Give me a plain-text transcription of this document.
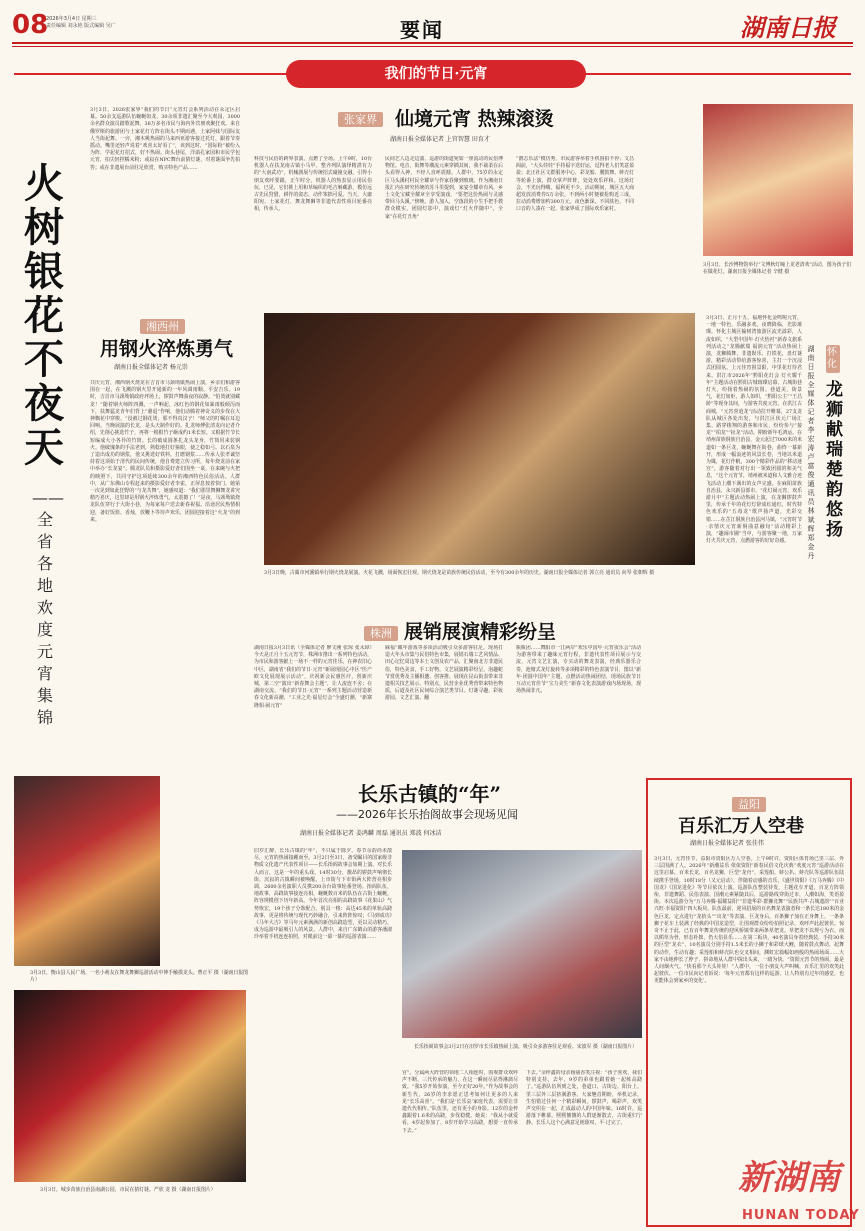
08
2026年3月4日 星期三
责任编辑 刘永艳 版式编辑 吴广	要闻	湖南日报
我们的节日·元宵
火树银花不夜天
——全省各地欢度元宵集锦
3月3日，2026张家界“我们的节日”元宵灯会系列活动在永定区启幕。50余支巡游队伍蜿蜒如龙，30余项非遗汇聚至今大观园，3000余名群众演员踏歌起舞，38万多名市民与海内外宾朋欢聚狂欢。来自俄罗斯的旅游团与土家花灯方阵在街头不期而遇，土家阿妹与国际友人当街起舞。一旁，湘木桃热闹的马来西亚游客接过托灯，跟着节奏摇动。嘴里还轻声说着“欢喜太好看了”，该到这时，“国际粉”被纷入为阵，学起花灯招式，好不热闹。街头巷尾，洋溢孔家园和市民学包元宵，拍尖轻捏糯米粉；或寂在NPC舞台前猜灯谜，对着谜面争先拍答；或在非遗展台前驻足欣赏，购买特色产品……
湘西州
用钢火淬炼勇气
湖南日报全媒体记者 杨元崇
共庆元宵，湘西钢火烧龙在吉首市马颈坳镇热闹上演，乡亲们和游客围在一起，在飞溅的钢火里开通新的一年风调雨顺、平安吉乐。19时，吉首市马颈坳镇政府坪场上，锣鼓声舞曲夜的寂静。“怕烫就别藏龙！”随着钢火师阵四溅，一声响起，冰红色的钢花如暴雨般倾泻而下，扶舞猛龙青年们背上“避退”作响，他们动腾着神奇义的步伐在大神飘花中穿梭。“没被过钢花烫，那不得真汉子！”师父的叮嘱在耳边回响。当晚展演的长龙，是头天制作好的。扎龙师傅张清龙向记者介绍，先削心挑选竹子，再将一根根竹子砸成约1米长短。又根据竹节长短编成大小各异的竹筒。长的破成圆条扎龙头龙身，竹筒用来装钢火。他破瑰条的手法老到，熟稔地打好箍眼，使之稳如弓。以石泉为了造出成功的钢浆，他又挑选好铁料，打磨钢浆……传承人张孝诚坚持着这项始于清代的民间传统，他自费建立传习所，每年烧龙前在家中举办“长龙宴”。腾龙队员和摄影爱好者们围坐一桌，在来碗与火把的映照下，共同守护这项延续300余年的湘西特色民俗活动。人群中，从广东佛山专程赶来的摄影爱好者李雀，正屏息按着快门。她第一次见到如此狂野的“与龙共舞”，她感叹道：“我们那里舞狮舞龙讲究精巧喜庆，这里却是用钢火淬炼勇气，太震撼了！”是夜，马颈坳镇烧龙队伍穿行于大街小巷，为每家每户送去新春祝福。沿途居民热情相迎，备好饭篮、香烛，放鞭卜等待声欢乐，团圆迎接着这“火龙”的到来。
3月3日，衡山县人民广场，一名小萌友在舞龙舞狮巡游活动中伸手触摸龙头。曹正平 摄（湖南日报图片）
3月3日，城步苗族自治县南湖公园，市民在猜灯谜。严欣 龙 摄（湖南日报图片）
张家界 仙境元宵 热辣滚烫
湖南日报全媒体记者 上官智慧 田育才
科技与民俗的跨界表演，点燃了全场。上午9时，10台机器人在扶龙南古镇小马甲，整齐列队演绎精湛有力的“大南武功”，机械剧展与传统招式碰撞交融，引得小朋友欢呼要跟，正午时分，机器人的热表显示用民俗玩，巳见，它们挑上用和草编织的毛吉斛藏游，模仿远古先民狩猎，耕作的姿态，动作笨拙可爱。当天，大庸阳宛，土家花灯，舞龙舞狮等非遗代表性项目轮番亮相，传承人，
民间艺人边走边演，巡游的街道宛如一座流动的民俗博物馆。电音，街舞等潮流元素穿插其间，我不裁柔在后头看得入神，不经人直呼震撼。人群中，75岁的永定区马头溪村村民全耀章与作家春聚到玻璃。作为湘南日报汇内在研究传统的苏斗里提到，家宴全耀章有风，乡土文化宝藏全耀章全享受演戏，“要把这份热闹与灵感带回马头溪。”傍晚，游人加入，空落段的小生手把手教群众模实，团圆灯影中，演戏灯“灯火伴随中”，全家“在花灯丑角”
“鹊志乐法”模仿秀，市民游客举着手机围拍不停；文昌阁前，“大头娃娃”手持福字送好运，逗得老人们笑意盈盈；北正社区文群服务中心，彩龙船、腰鼓舞、蚌壳灯等轮番上演，群众掌声阵阵，处处欢乐祥和。这场灯会，不光玩得嗨，福利更不少。活动期间，城区五大商超发放消费券5万余张，不到两小时便被抢购近三成，拉动消费增加约300万元。夜色渐深，不同肤色，不同口音的人凑在一起，张家界成了国际欢乐家村。
3月3日，长沙博物馆举行“文博秋灯瞳上龙老清欢”活动，图为孩子们在做花灯。湖南日报全媒体记者 辛健 摄
3月3日晚，古蔺市河溪镇举行钢火烧龙展演。火花飞溅，场面恢宏壮观。钢火烧龙是苗族传统民俗活动，至今有300余年的历史。湖南日报全媒体记者 郭立亮 通讯员 向琴 张朝辉 摄
怀化
龙狮献瑞 楚韵悠扬
湖南日报全媒体记者 李宏涛 卢富俊 通讯员 林斌辉 郑金丹
3月3日，正月十五，福地怀化金鸣呢元宵，一地一特色，乐融多欢。夜晓降临，光影璀璨。怀化主城区榆树湾旅游区流光溢彩，人流如织，“大型中国年·灯火怡衬”新春文旅系列活动之“龙腾献瑞 福润元宵”活动热闹上演，龙狮腾舞，非遗娱乐，打铁花，盘灯谜游，精彩活动带给游客惊喜，主打一个沉浸式团圆氛。上元佳宵围景阳，中里花灯待君来。洪江市2026年“黔阳花灯会 灯火耀千年”主题活动在黔阳古城璀璨启幕，古城街巷灯火，纷扬着热闹的氛围。巷道美，街景气，花灯如炬，游人如织，“黔阳公主”“王昌龄”等现身其间，与游客共度元宵。在洪江古商城，“元宵喜逍龙”活动拉开帷幕，27支龙队从城区各处出发，与洪江区状元广场汇集，路穿梭翔的游客和市民，纷纷参与“接龙”“拍龙”“扯龙”活动。期盼新年毛鸿运。在靖州苗族侗族自治县，金元起过7000米的米道如一条巨龙，蜿蜒舞在街巷，曲终一幕新开，形成一幅浪迹的风景长卷，当地以米道为媒，花灯作帆，300个精彩作品的“移动迷宫”，游客随着对行出一领致团圆的和美气息，“这个元宵节，靖州被米道和人文雅合迹飞活动上潮下满出的女声完盛。在麻阳苗族自治县，永兴新县部市，“花灯闹元宵，欢乐游月中”主题活动热闹上演，在龙狮锣鼓声里，传承千年的花灯灯辞成红通红，时代特色欢乐的“五毒龙”歌声扬声道，光彩交错……在芷江侗族自治县河马镇，“元宵时节·亲情庆元宵新侗曲意融旬”活动精彩上演，“趣闹市圃”当中，与游客聚一地，万家灯火共庆元宵，点燃游客的好好奇感。
株洲 展销展演精彩纷呈
湖南日报3月3日讯（全媒体记者 廖文刚 张琼 张永璋）今天是正月十五元宵节，株洲市推出一系列特色活动，为市民和游客献上一场不一样的元宵佳乐。在神农旧心中区，湖南省“我们的节日·元宵”新展现园心中区“医产欧文化展现展示活动”，庆祝新会民惠医疗，创新庆城，第二空”演出“新春舞会主题”，让人流连不舍；在湖南交流，“我们的节日·元宵”一系列主题活动营造新春文化新高潮，“工业之光·福星灯会”全盛灯潮，“新寨隆相·闹元宵”
麻福“藏年游戏等多项活动吸引众多游客驻足。现场打造大年头市集与民俗特色市集，展销石墙工艺风情品、田心记忆周边等本土文创及农产品，汇聚南北方非遗民俗，特色美食，手工好物。文艺展演精彩纷呈，泡趣蛇节赏优秀及主播相邀、创客推、展现在昆山街表带来非遗相关技艺展示，特别点，民营企业优秀营带来特色物质，后道及社区民间综合演艺类节目。灯谜寻趣，彩妆游园、文艺汇演、翻
瓶瓶团……舞阳市一江两岸“欢乐中国年·元宵夜乐会”活动为游客带来了趣味元宵行程，非遗代表性项目展示与交流，元宵文艺汇演，专买动的舞龙表演，经典乐器乐合奏，池塘式龙灯旋转等多项精彩的特色表演节目，图以“新年·团圆中国年”主题，点燃活动热闹团结，现场民族节日互动元宵佳节“宝力美生”新春文化表演游戏内场现场，现场热闹非凡。
长乐古镇的“年”
——2026年长乐抬阁故事会现场见闻
湖南日报全媒体记者 姜鸿麟 周磊 通讯员 郑波 何冰洁
旧岁汇醉，长乐古镇的“年”，不只属于除夕。春节余韵尚未散尽，元宵的热闹接踵而至。3月2日至3日，备受瞩目的国家级非物质文化遗产代表性项目——长乐抬阁故事会如期上演。对长乐人而言，这是一年的重头戏。14时30分，激昂的锣鼓声响彻长街，沉寂的古镇瞬间被唤醒。上市街与下市街两大阵营亮相步调，2600余名演职人员携200余台故事轮番登场。抬阁队伍，地故事，高跷故事接连亮相，蜿蜒数百米的队伍在古街上蜿蜒，阵容规模创下历年新高。今年首次亮相的高跷故事《花果山》气势恢宏，19个孩子分饰配合，别具一格：高达45米的单轨高跷故事，更是将传统与现代巧妙融合，引来阵阵惊叹；《马到成功》《马年大吉》等马年元素满满的新创高跷造型，更以灵动精巧，成为巡游中最吸引人的风景。人群中，来自广东鹤山的游客潘淑玲举着手机连连拍照，对眼前这一幕一幕的巡游表演……
长乐抬阁故事会3月2日在汨罗市长乐镇热闹上演，吸引众多游客驻足观看。宋波军 摄（湖南日报图片）
官”。分属两大阵营的领地二人相连时，围观群众欢呼声不断，三代传承的魅力，在这一瞬间尽显得淋漓尽致。“我5岁开始参演，至今正好20年。”作为故事会的新生代，26岁的李求愿正思考如何让更多的人来见“长乐高喜”。“我们是‘长乐哀’家庭代表，需要让非遗代代相传。”队伍里，还有更小的身影。12岁的金梓鑫跟着1.6米的高跷，步伐稳健。她说：“我从小就爱看，4岁起参加了，8岁开始学习高跷。想要一直传承下去。”
下去。”余梓鑫的母亲杨丽香笑注视：“孩子喜欢，我们特别支持。去年，9岁的弟弟也跟着她一起练高跷了。”巡游队伍所到之处，巷道口、古街边、阳台上，里三层外三层挤满游客。大家翘首期盼，举机记录，生怕错过任何一个精彩瞬间。锣鼓声，喝彩声，欢笑声交织在一起，汇成最动人的中国年味。16时许，巡游落下帷幕。熙熙攘攘的人群逐渐散去，古街重归宁静。长乐人这个心满意足地歇叹，平·过完了。
益阳
百乐汇万人空巷
湖南日报全媒体记者 张佳伟
3月3日，元宵佳节，益阳市资阳区万人空巷。上午9时许，资阳区体育场已里三层、外三层围满了人。2026年“新潮益乐 依依资阳”新春民俗文化庆典“欢度元宵”巡游活动在这里启幕。百米长龙，百名龙狮，巨型“龙舟”，采莲船、蚌公扒、蚌壳队等巡游队伍陆续携手登场。10时18分（又元启动），伴随着动感的音乐，《盛世资阳》《万马奔腾》《中国龙》《国龙进化》等节目依次上演。巡游队伍整装待发，主题花车开道，百龙方阵领衔，非遗舞蹈、民俗表演、国潮元素紧随其后，巡游路线穿街过市，人潮如海，笑语盈街。本次巡游分为“万马奔腾·福耀益阳”“非遗华彩·群狮竞舞”“民族共声·古城遗韵”“百业兴旺·幸福资阳”四大板块。队伍最前，迎风招展的百名舞龙表演者和一条长达180米的金色巨龙，定点进行“龙抬头”“出龙”等表演，巨龙身后，百条狮子加在正身舞上，一条条狮子花车上装满了经典的中国龙造型，让围观群众纷纷拍照记录，欢呼声此起彼伏。惊奇不止于此，已有百年舞龙传统的迎风桥镇带来两条草把龙。草把龙不以规亏为衣，而以稻草为骨，形态朴拙，仍大俗显乐……在第二板块，40名演员身着经典装，手持30米的巨型“龙衣”，10名演员分别手持1.5米长的小狮子和彩球大鲤，随着鼓点舞动，起舞的动作，生动有趣；采莲船和蚌壳队也交叉相间，渊虹宏篇幅如画般的热闹场面……大家不由地伸长了脖子，拼命地从人群中探出头来，一睹为快。“资阳元宵节的热闹，最是人间烟火气。“快看那个大头娃娃！”人群中，一位小朋友大声叫喊，百乐汇里的欢笑此起彼伏。一位市民向记者诉说：‘每年元宵都有这样的巡游，让人特别有过年的感觉，也更能体会到家乡的变化’。
新湖南
HUNAN TODAY
